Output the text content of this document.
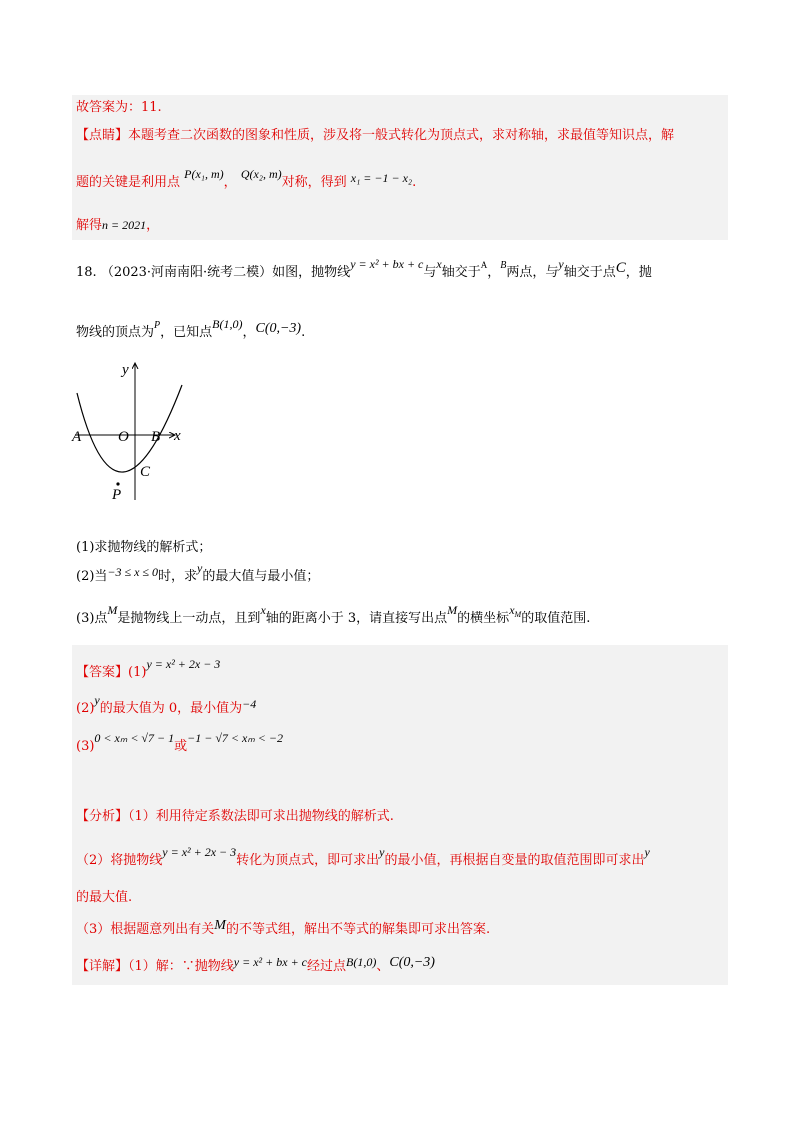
故答案为：11.
【点睛】本题考查二次函数的图象和性质，涉及将一般式转化为顶点式，求对称轴，求最值等知识点，解
题的关键是利用点 P(x₁, m)， Q(x₂, m)对称，得到 x₁ = −1 − x₂.
解得n = 2021，
18. （2023·河南南阳·统考二模）如图，抛物线y = x² + bx + c与x轴交于$^A$，$^B$两点，与y轴交于点C，抛
物线的顶点为$^P$，已知点B(1,0)，C(0,−3).
y
A O B x
C
P
(1)求抛物线的解析式；
(2)当−3 ≤ x ≤ 0时，求y的最大值与最小值；
(3)点M是抛物线上一动点，且到x轴的距离小于 3，请直接写出点M的横坐标$x_M$的取值范围.
【答案】(1)y = x² + 2x − 3
(2)y的最大值为 0，最小值为−4
(3)0 < xₘ < √7 − 1或−1 − √7 < xₘ < −2
【分析】（1）利用待定系数法即可求出抛物线的解析式.
（2）将抛物线y = x² + 2x − 3转化为顶点式，即可求出y的最小值，再根据自变量的取值范围即可求出y
的最大值.
（3）根据题意列出有关M的不等式组，解出不等式的解集即可求出答案.
【详解】（1）解：∵抛物线y = x² + bx + c经过点B(1,0)、C(0,−3)
